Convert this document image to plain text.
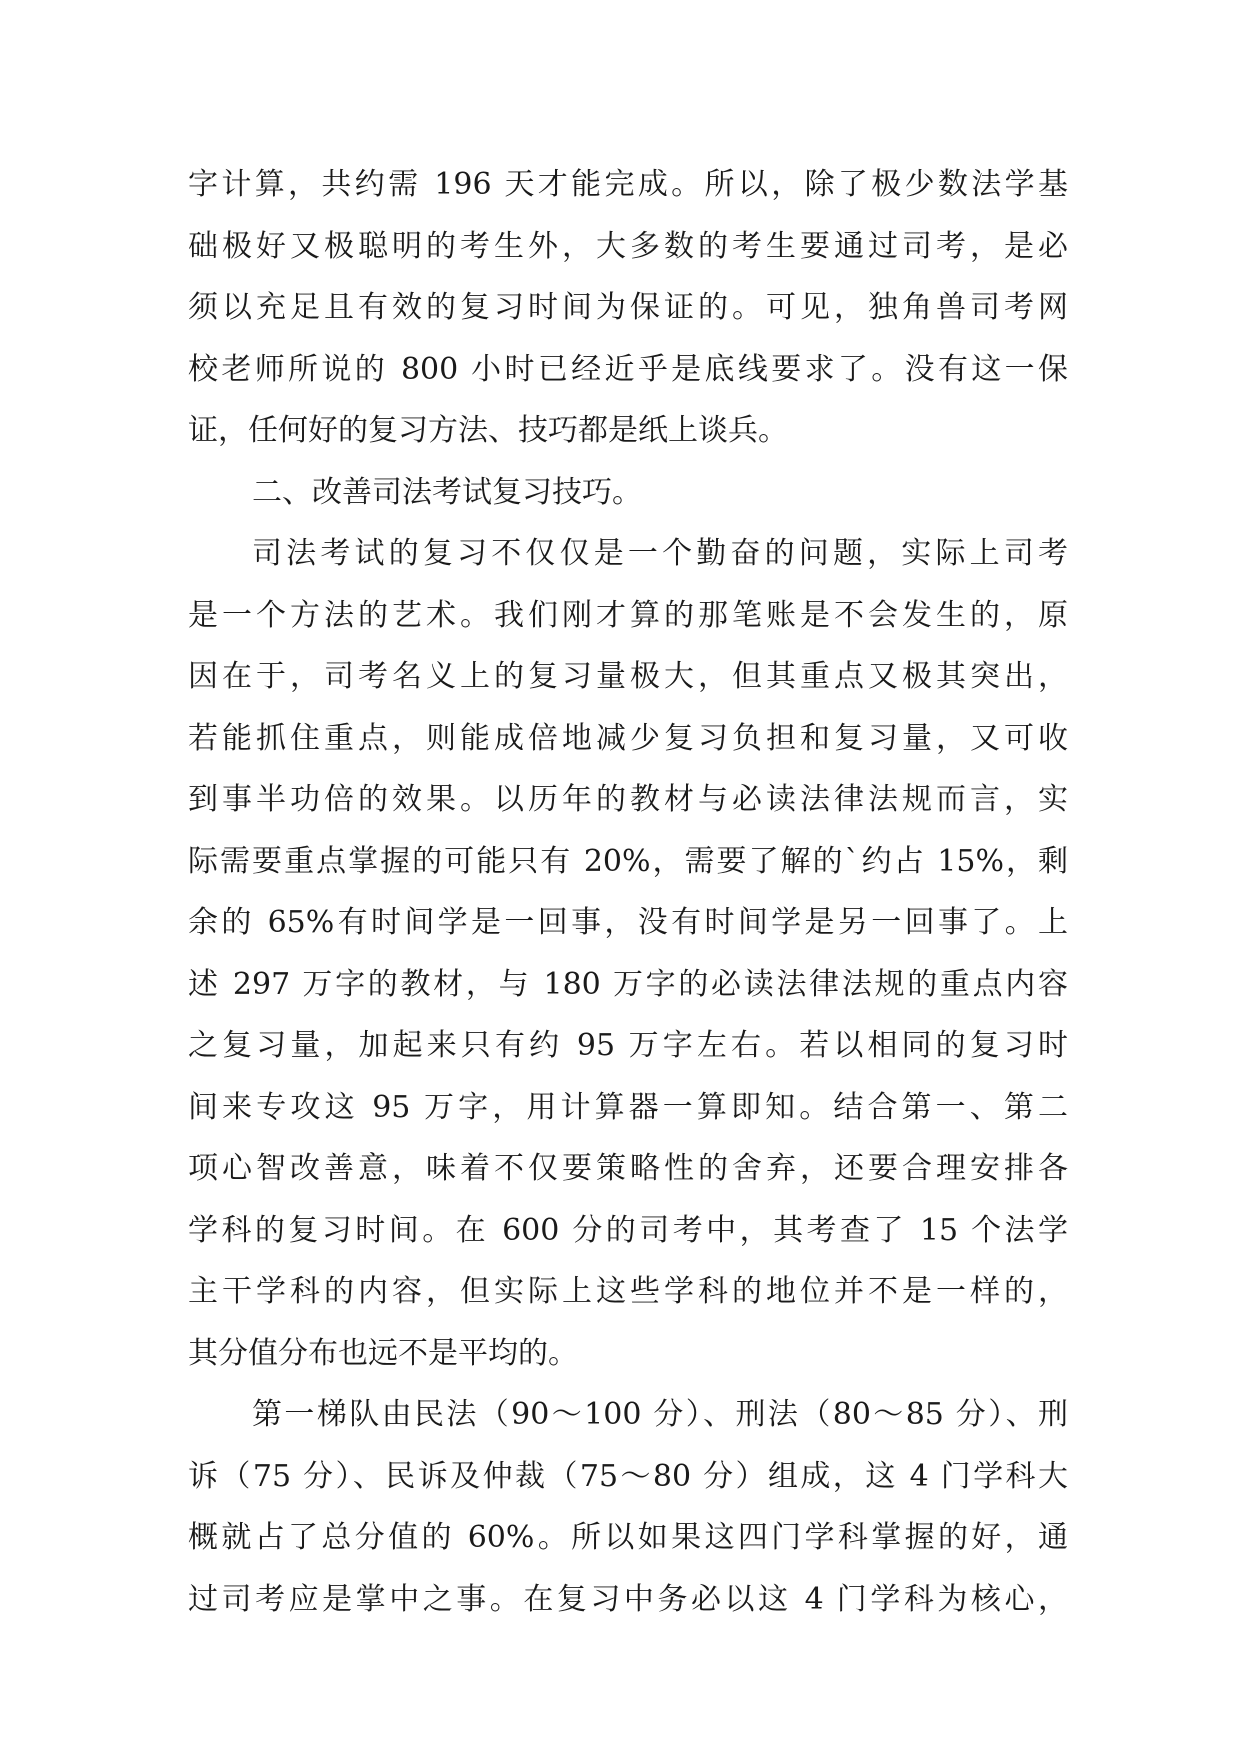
字计算，共约需 196 天才能完成。所以，除了极少数法学基
础极好又极聪明的考生外，大多数的考生要通过司考，是必
须以充足且有效的复习时间为保证的。可见，独角兽司考网
校老师所说的 800 小时已经近乎是底线要求了。没有这一保
证，任何好的复习方法、技巧都是纸上谈兵。
二、改善司法考试复习技巧。
司法考试的复习不仅仅是一个勤奋的问题，实际上司考
是一个方法的艺术。我们刚才算的那笔账是不会发生的，原
因在于，司考名义上的复习量极大，但其重点又极其突出，
若能抓住重点，则能成倍地减少复习负担和复习量，又可收
到事半功倍的效果。以历年的教材与必读法律法规而言，实
际需要重点掌握的可能只有 20%，需要了解的`约占 15%，剩
余的 65%有时间学是一回事，没有时间学是另一回事了。上
述 297 万字的教材，与 180 万字的必读法律法规的重点内容
之复习量，加起来只有约 95 万字左右。若以相同的复习时
间来专攻这 95 万字，用计算器一算即知。结合第一、第二
项心智改善意，味着不仅要策略性的舍弃，还要合理安排各
学科的复习时间。在 600 分的司考中，其考查了 15 个法学
主干学科的内容，但实际上这些学科的地位并不是一样的，
其分值分布也远不是平均的。
第一梯队由民法（90～100 分）、刑法（80～85 分）、刑
诉（75 分）、民诉及仲裁（75～80 分）组成，这 4 门学科大
概就占了总分值的 60%。所以如果这四门学科掌握的好，通
过司考应是掌中之事。在复习中务必以这 4 门学科为核心，
